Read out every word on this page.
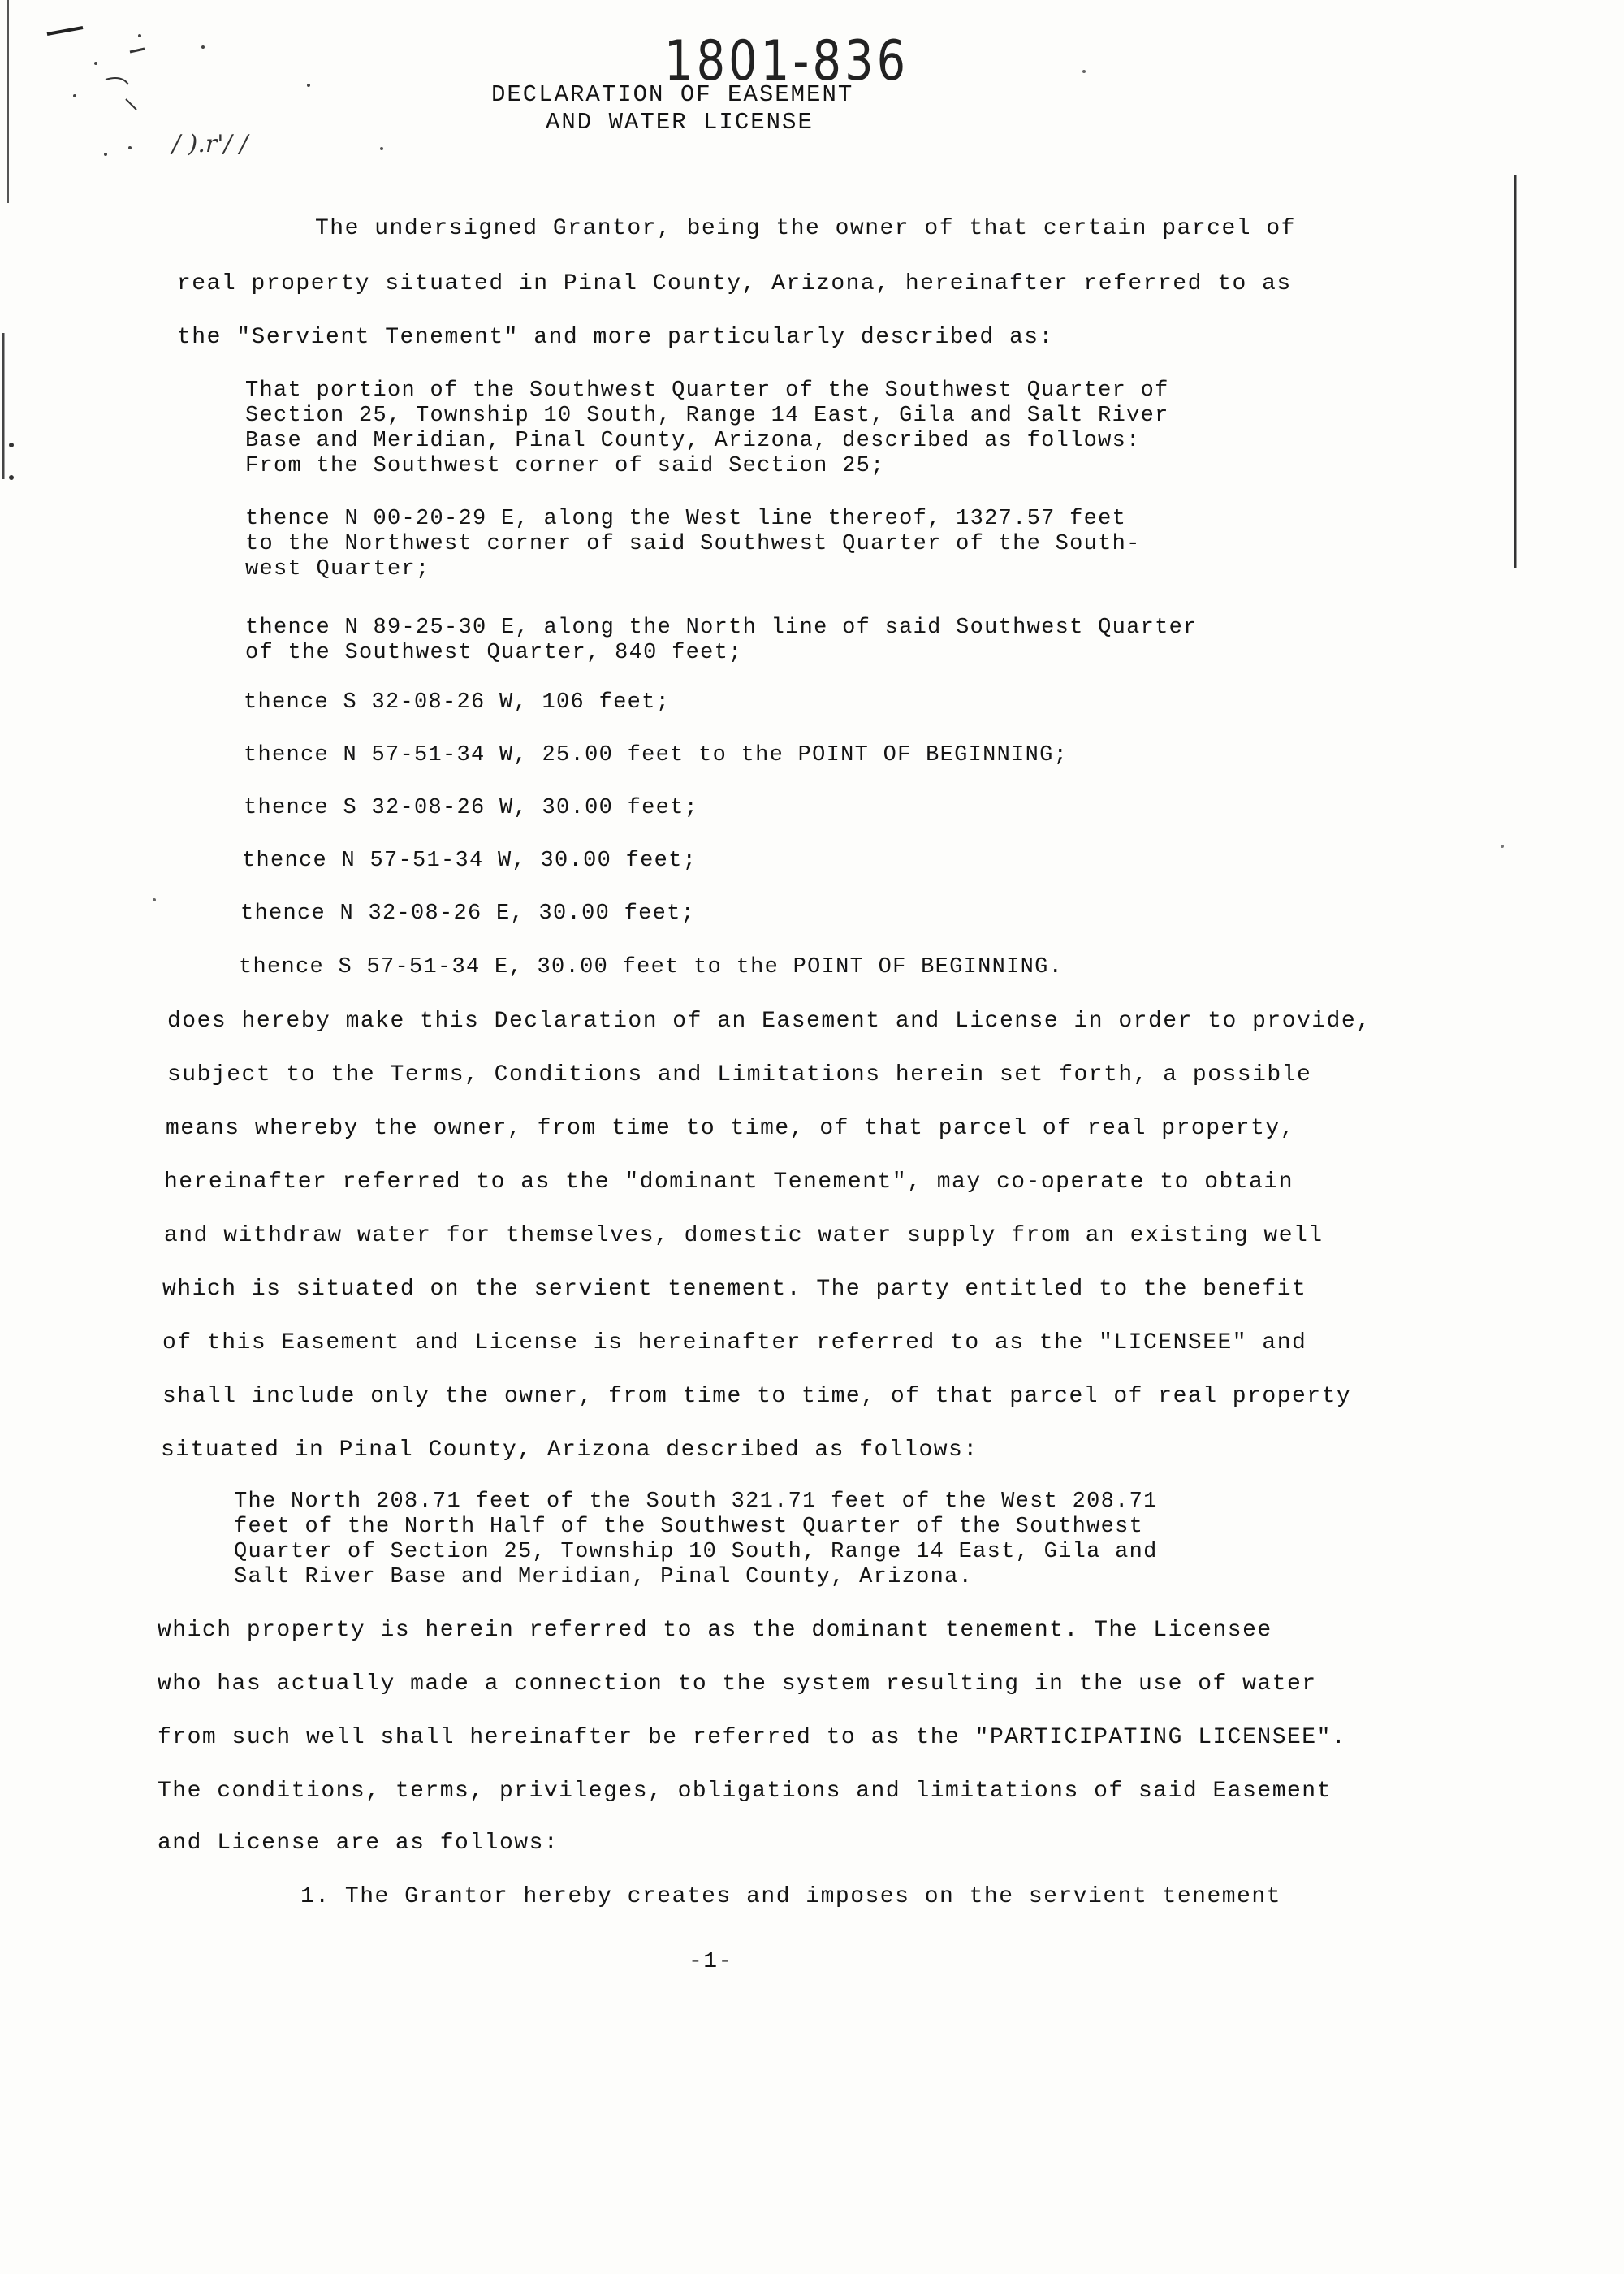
/ ).r'/ /
1801-836
DECLARATION OF EASEMENT
AND WATER LICENSE
The undersigned Grantor, being the owner of that certain parcel of
real property situated in Pinal County, Arizona, hereinafter referred to as
the "Servient Tenement" and more particularly described as:
That portion of the Southwest Quarter of the Southwest Quarter of
Section 25, Township 10 South, Range 14 East, Gila and Salt River
Base and Meridian, Pinal County, Arizona, described as follows:
From the Southwest corner of said Section 25;
thence N 00-20-29 E, along the West line thereof, 1327.57 feet
to the Northwest corner of said Southwest Quarter of the South-
west Quarter;
thence N 89-25-30 E, along the North line of said Southwest Quarter
of the Southwest Quarter, 840 feet;
thence S 32-08-26 W, 106 feet;
thence N 57-51-34 W, 25.00 feet to the POINT OF BEGINNING;
thence S 32-08-26 W, 30.00 feet;
thence N 57-51-34 W, 30.00 feet;
thence N 32-08-26 E, 30.00 feet;
thence S 57-51-34 E, 30.00 feet to the POINT OF BEGINNING.
does hereby make this Declaration of an Easement and License in order to provide,
subject to the Terms, Conditions and Limitations herein set forth, a possible
means whereby the owner, from time to time, of that parcel of real property,
hereinafter referred to as the "dominant Tenement", may co-operate to obtain
and withdraw water for themselves, domestic water supply from an existing well
which is situated on the servient tenement. The party entitled to the benefit
of this Easement and License is hereinafter referred to as the "LICENSEE" and
shall include only the owner, from time to time, of that parcel of real property
situated in Pinal County, Arizona described as follows:
The North 208.71 feet of the South 321.71 feet of the West 208.71
feet of the North Half of the Southwest Quarter of the Southwest
Quarter of Section 25, Township 10 South, Range 14 East, Gila and
Salt River Base and Meridian, Pinal County, Arizona.
which property is herein referred to as the dominant tenement. The Licensee
who has actually made a connection to the system resulting in the use of water
from such well shall hereinafter be referred to as the "PARTICIPATING LICENSEE".
The conditions, terms, privileges, obligations and limitations of said Easement
and License are as follows:
1. The Grantor hereby creates and imposes on the servient tenement
-1-
